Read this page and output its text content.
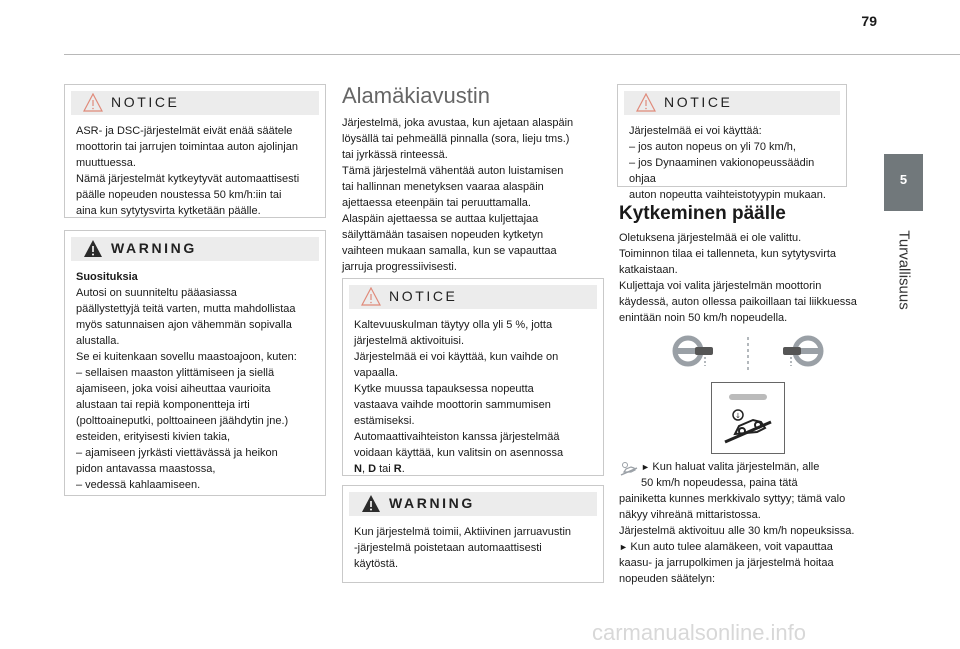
79
5
Turvallisuus
NOTICE

ASR- ja DSC-järjestelmät eivät enää säätele

moottorin tai jarrujen toimintaa auton ajolinjan

muuttuessa.

Nämä järjestelmät kytkeytyvät automaattisesti

päälle nopeuden noustessa 50 km/h:iin tai

aina kun sytytysvirta kytketään päälle.

WARNING

Suosituksia

Autosi on suunniteltu pääasiassa

päällystettyjä teitä varten, mutta mahdollistaa

myös satunnaisen ajon vähemmän sopivalla

alustalla.

Se ei kuitenkaan sovellu maastoajoon, kuten:

– sellaisen maaston ylittämiseen ja siellä

ajamiseen, joka voisi aiheuttaa vaurioita

alustaan tai repiä komponentteja irti

(polttoaineputki, polttoaineen jäähdytin jne.)

esteiden, erityisesti kivien takia,

– ajamiseen jyrkästi viettävässä ja heikon

pidon antavassa maastossa,

– vedessä kahlaamiseen.

Alamäkiavustin

Järjestelmä, joka avustaa, kun ajetaan alaspäin

löysällä tai pehmeällä pinnalla (sora, lieju tms.)

tai jyrkässä rinteessä.

Tämä järjestelmä vähentää auton luistamisen

tai hallinnan menetyksen vaaraa alaspäin

ajettaessa eteenpäin tai peruuttamalla.

Alaspäin ajettaessa se auttaa kuljettajaa

säilyttämään tasaisen nopeuden kytketyn

vaihteen mukaan samalla, kun se vapauttaa

jarruja progressiivisesti.

NOTICE

Kaltevuuskulman täytyy olla yli 5 %, jotta

järjestelmä aktivoituisi.

Järjestelmää ei voi käyttää, kun vaihde on

vapaalla.

Kytke muussa tapauksessa nopeutta

vastaava vaihde moottorin sammumisen

estämiseksi.

Automaattivaihteiston kanssa järjestelmää

voidaan käyttää, kun valitsin on asennossa

N, D tai R.

WARNING

Kun järjestelmä toimii, Aktiivinen jarruavustin

-järjestelmä poistetaan automaattisesti

käytöstä.

NOTICE

Järjestelmää ei voi käyttää:

– jos auton nopeus on yli 70 km/h,

– jos Dynaaminen vakionopeussäädin ohjaa

auton nopeutta vaihteistotyypin mukaan.

Kytkeminen päälle

Oletuksena järjestelmää ei ole valittu.

Toiminnon tilaa ei tallenneta, kun sytytysvirta

katkaistaan.

Kuljettaja voi valita järjestelmän moottorin

käydessä, auton ollessa paikoillaan tai liikkuessa

enintään noin 50 km/h nopeudella.

↓

► Kun haluat valita järjestelmän, alle

50 km/h nopeudessa, paina tätä

painiketta kunnes merkkivalo syttyy; tämä valo

näkyy vihreänä mittaristossa.

Järjestelmä aktivoituu alle 30 km/h nopeuksissa.

► Kun auto tulee alamäkeen, voit vapauttaa

kaasu- ja jarrupolkimen ja järjestelmä hoitaa

nopeuden säätelyn:

carmanualsonline.info
